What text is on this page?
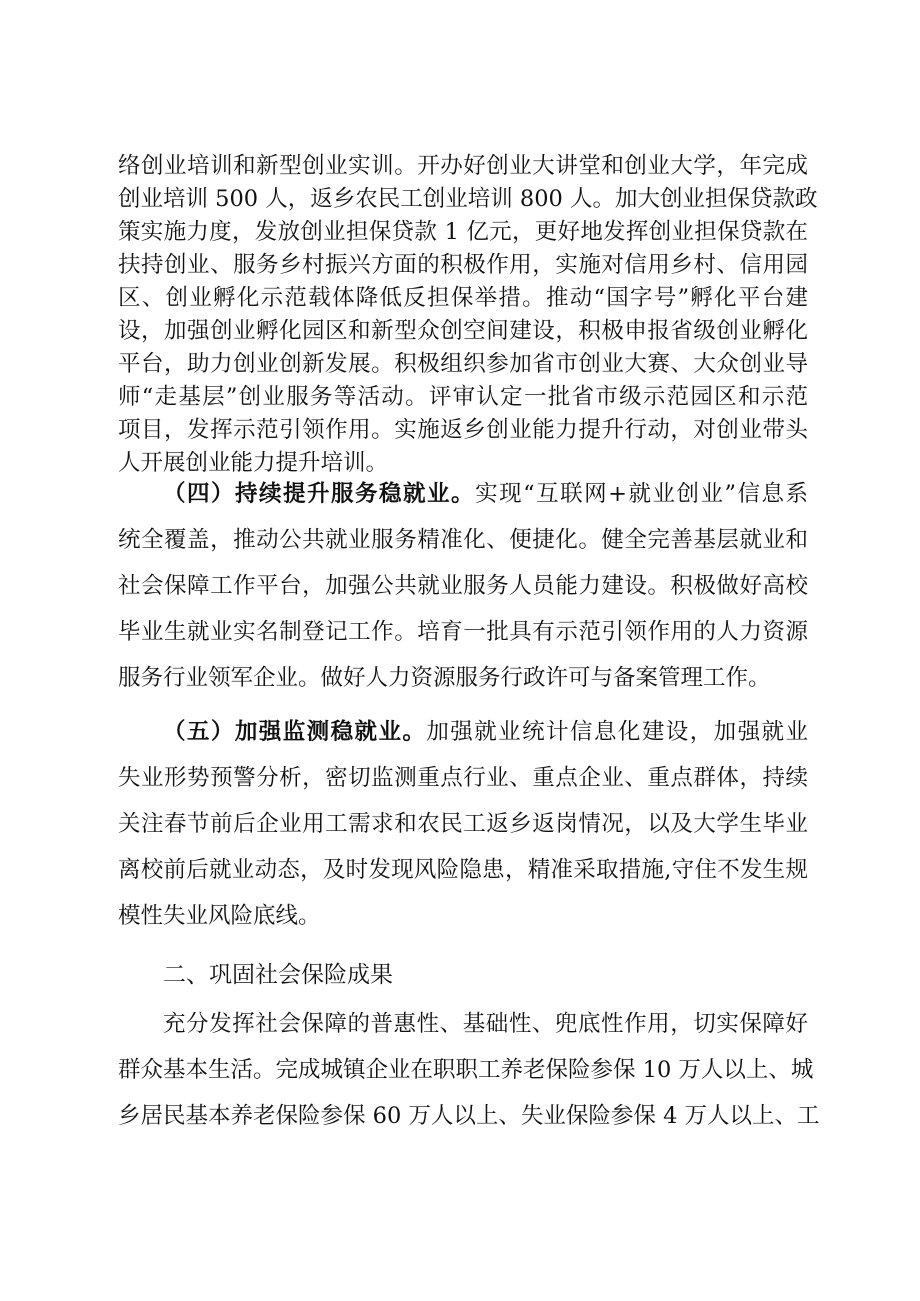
络创业培训和新型创业实训。开办好创业大讲堂和创业大学，年完成
创业培训 500 人，返乡农民工创业培训 800 人。加大创业担保贷款政
策实施力度，发放创业担保贷款 1 亿元，更好地发挥创业担保贷款在
扶持创业、服务乡村振兴方面的积极作用，实施对信用乡村、信用园
区、创业孵化示范载体降低反担保举措。推动“国字号”孵化平台建
设，加强创业孵化园区和新型众创空间建设，积极申报省级创业孵化
平台，助力创业创新发展。积极组织参加省市创业大赛、大众创业导
师“走基层”创业服务等活动。评审认定一批省市级示范园区和示范
项目，发挥示范引领作用。实施返乡创业能力提升行动，对创业带头
人开展创业能力提升培训。
（四）持续提升服务稳就业。实现“互联网+就业创业”信息系
统全覆盖，推动公共就业服务精准化、便捷化。健全完善基层就业和
社会保障工作平台，加强公共就业服务人员能力建设。积极做好高校
毕业生就业实名制登记工作。培育一批具有示范引领作用的人力资源
服务行业领军企业。做好人力资源服务行政许可与备案管理工作。
（五）加强监测稳就业。加强就业统计信息化建设，加强就业
失业形势预警分析，密切监测重点行业、重点企业、重点群体，持续
关注春节前后企业用工需求和农民工返乡返岗情况，以及大学生毕业
离校前后就业动态，及时发现风险隐患，精准采取措施,守住不发生规
模性失业风险底线。
二、巩固社会保险成果
充分发挥社会保障的普惠性、基础性、兜底性作用，切实保障好
群众基本生活。完成城镇企业在职职工养老保险参保 10 万人以上、城
乡居民基本养老保险参保 60 万人以上、失业保险参保 4 万人以上、工
